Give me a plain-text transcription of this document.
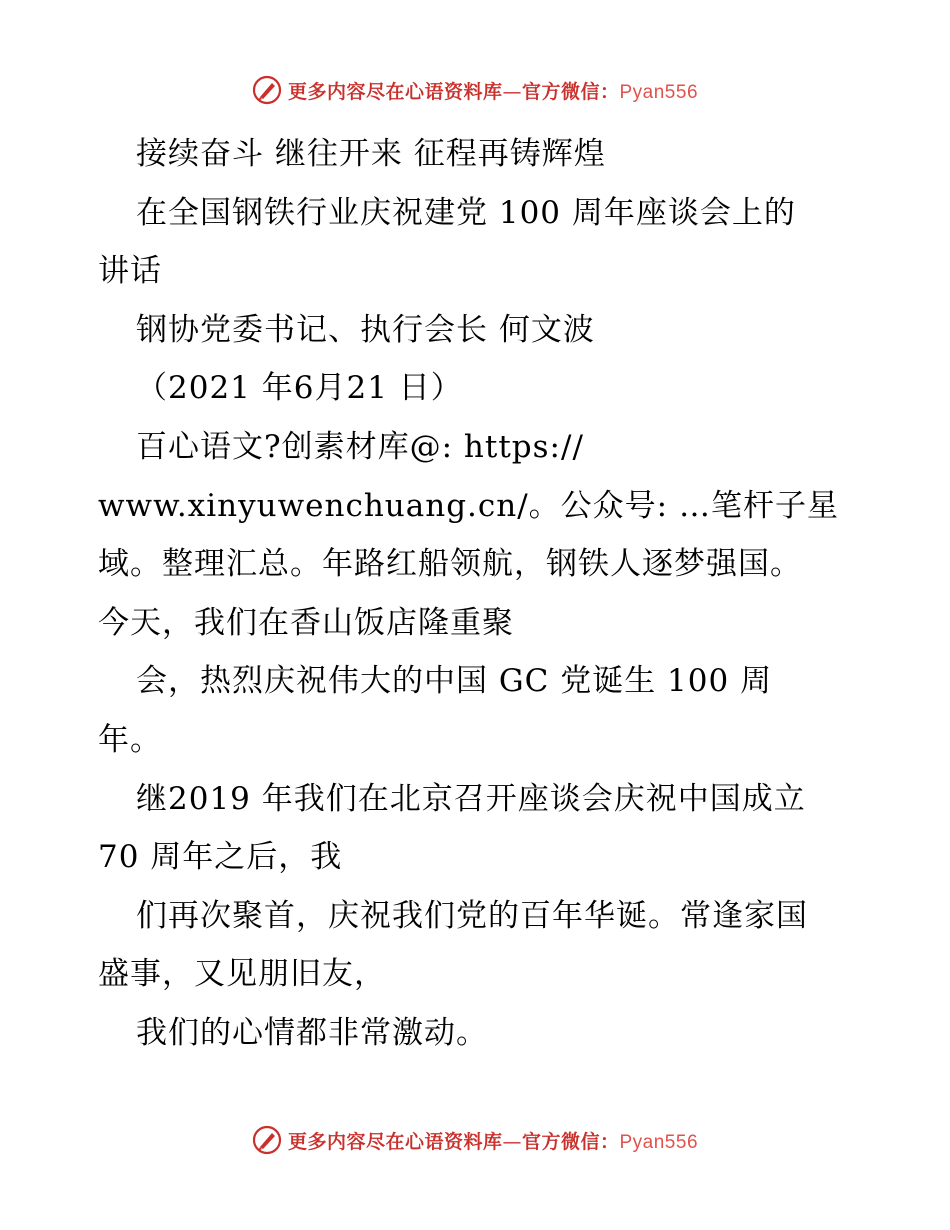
更多内容尽在心语资料库—官方微信：Pyan556
接续奋斗 继往开来 征程再铸辉煌
在全国钢铁行业庆祝建党 100 周年座谈会上的
讲话
钢协党委书记、执行会长 何文波
（2021 年6月21 日）
百心语文?创素材库@: https://
www.xinyuwenchuang.cn/。公众号: …笔杆子星
域。整理汇总。年路红船领航，钢铁人逐梦强国。
今天，我们在香山饭店隆重聚
会，热烈庆祝伟大的中国 GC 党诞生 100 周
年。
继2019 年我们在北京召开座谈会庆祝中国成立
70 周年之后，我
们再次聚首，庆祝我们党的百年华诞。常逢家国
盛事，又见朋旧友，
我们的心情都非常激动。
更多内容尽在心语资料库—官方微信：Pyan556
